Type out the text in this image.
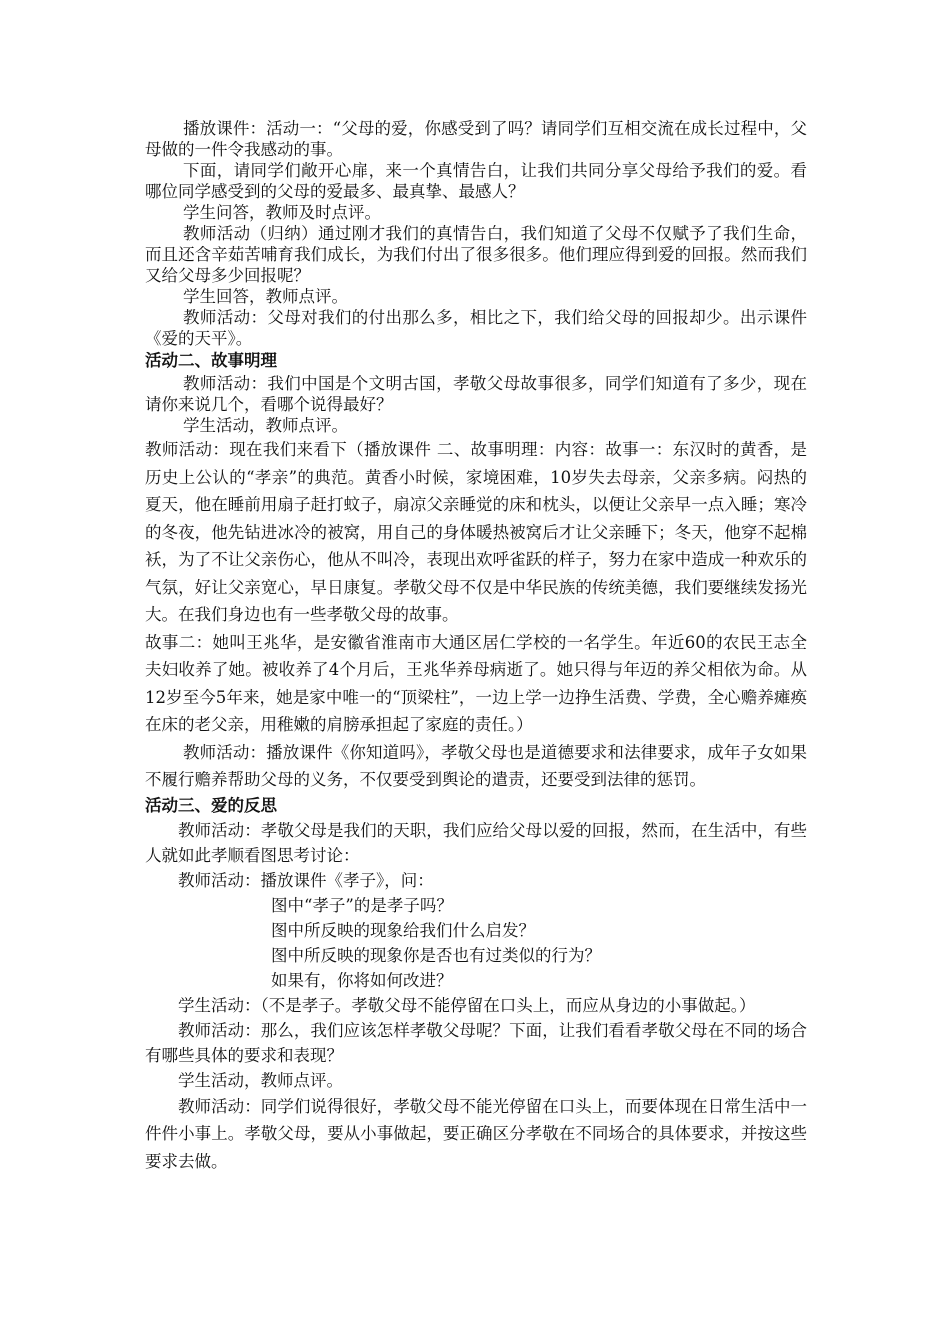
播放课件：活动一：“父母的爱，你感受到了吗？请同学们互相交流在成长过程中，父母做的一件令我感动的事。

下面，请同学们敞开心扉，来一个真情告白，让我们共同分享父母给予我们的爱。看哪位同学感受到的父母的爱最多、最真挚、最感人？

学生问答，教师及时点评。

教师活动（归纳）通过刚才我们的真情告白，我们知道了父母不仅赋予了我们生命，而且还含辛茹苦哺育我们成长，为我们付出了很多很多。他们理应得到爱的回报。然而我们又给父母多少回报呢？

学生回答，教师点评。

教师活动：父母对我们的付出那么多，相比之下，我们给父母的回报却少。出示课件《爱的天平》。

活动二、故事明理

教师活动：我们中国是个文明古国，孝敬父母故事很多，同学们知道有了多少，现在请你来说几个，看哪个说得最好？

学生活动，教师点评。

教师活动：现在我们来看下（播放课件 二、故事明理：内容：故事一：东汉时的黄香，是历史上公认的“孝亲”的典范。黄香小时候，家境困难，10岁失去母亲，父亲多病。闷热的夏天，他在睡前用扇子赶打蚊子，扇凉父亲睡觉的床和枕头，以便让父亲早一点入睡；寒冷的冬夜，他先钻进冰冷的被窝，用自己的身体暖热被窝后才让父亲睡下；冬天，他穿不起棉袄，为了不让父亲伤心，他从不叫冷，表现出欢呼雀跃的样子，努力在家中造成一种欢乐的气氛，好让父亲宽心，早日康复。孝敬父母不仅是中华民族的传统美德，我们要继续发扬光大。在我们身边也有一些孝敬父母的故事。

故事二：她叫王兆华，是安徽省淮南市大通区居仁学校的一名学生。年近60的农民王志全夫妇收养了她。被收养了4个月后，王兆华养母病逝了。她只得与年迈的养父相依为命。从12岁至今5年来，她是家中唯一的“顶梁柱”，一边上学一边挣生活费、学费，全心赡养瘫痪在床的老父亲，用稚嫩的肩膀承担起了家庭的责任。）

教师活动：播放课件《你知道吗》，孝敬父母也是道德要求和法律要求，成年子女如果不履行赡养帮助父母的义务，不仅要受到舆论的遣责，还要受到法律的惩罚。

活动三、爱的反思

教师活动：孝敬父母是我们的天职，我们应给父母以爱的回报，然而，在生活中，有些人就如此孝顺看图思考讨论：

教师活动：播放课件《孝子》，问：

图中“孝子”的是孝子吗？

图中所反映的现象给我们什么启发？

图中所反映的现象你是否也有过类似的行为？

如果有，你将如何改进？

学生活动：（不是孝子。孝敬父母不能停留在口头上，而应从身边的小事做起。）

教师活动：那么，我们应该怎样孝敬父母呢？下面，让我们看看孝敬父母在不同的场合有哪些具体的要求和表现？

学生活动，教师点评。

教师活动：同学们说得很好，孝敬父母不能光停留在口头上，而要体现在日常生活中一件件小事上。孝敬父母，要从小事做起，要正确区分孝敬在不同场合的具体要求，并按这些要求去做。
